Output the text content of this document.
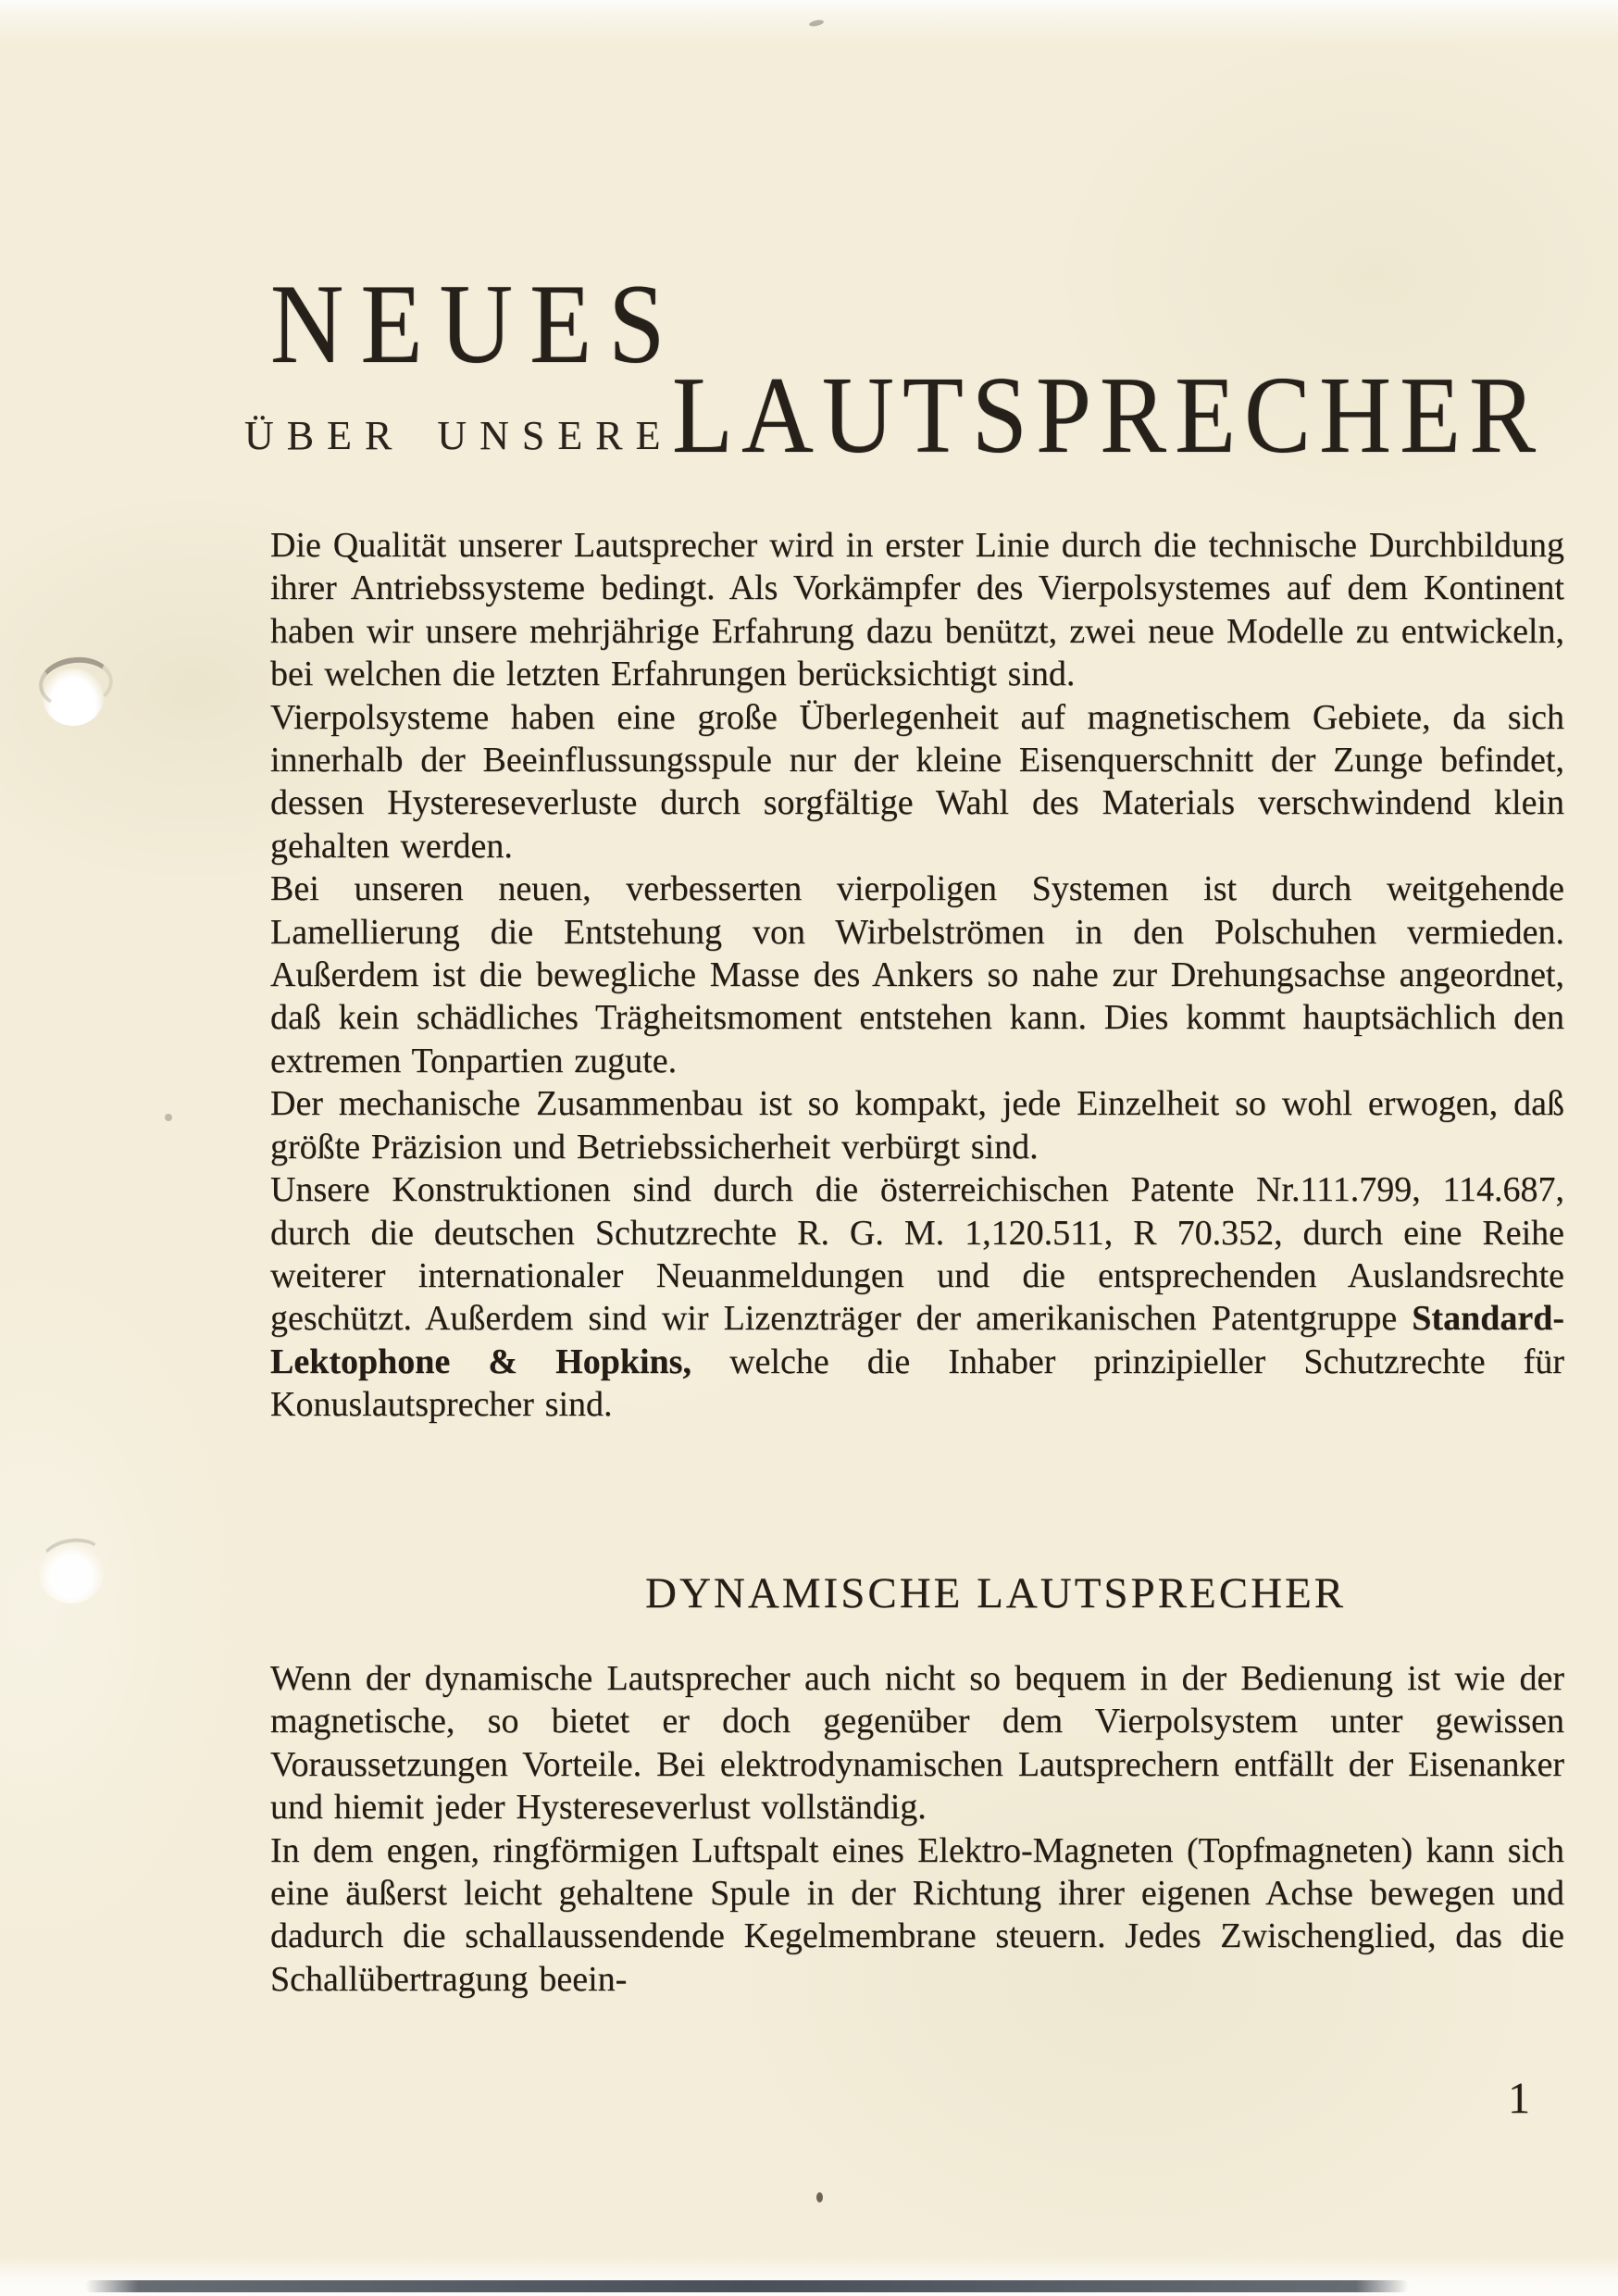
NEUES
ÜBER UNSERE
LAUTSPRECHER

Die Qualität unserer Lautsprecher wird in erster Linie durch die technische Durchbildung ihrer Antriebssysteme bedingt. Als Vorkämpfer des Vierpolsystemes auf dem Kontinent haben wir unsere mehrjährige Erfahrung dazu benützt, zwei neue Modelle zu entwickeln, bei welchen die letzten Erfahrungen berücksichtigt sind.

Vierpolsysteme haben eine große Überlegenheit auf magnetischem Gebiete, da sich innerhalb der Beeinflussungsspule nur der kleine Eisenquerschnitt der Zunge befindet, dessen Hystereseverluste durch sorgfältige Wahl des Materials verschwindend klein gehalten werden.

Bei unseren neuen, verbesserten vierpoligen Systemen ist durch weitgehende Lamellierung die Entstehung von Wirbelströmen in den Polschuhen vermieden. Außerdem ist die bewegliche Masse des Ankers so nahe zur Drehungsachse angeordnet, daß kein schädliches Trägheitsmoment entstehen kann. Dies kommt hauptsächlich den extremen Tonpartien zugute.

Der mechanische Zusammenbau ist so kompakt, jede Einzelheit so wohl erwogen, daß größte Präzision und Betriebssicherheit verbürgt sind.

Unsere Konstruktionen sind durch die österreichischen Patente Nr.111.799, 114.687, durch die deutschen Schutzrechte R. G. M. 1,120.511, R 70.352, durch eine Reihe weiterer internationaler Neuanmeldungen und die entsprechenden Auslandsrechte geschützt. Außerdem sind wir Lizenzträger der amerikanischen Patentgruppe Standard-Lektophone & Hopkins, welche die Inhaber prinzipieller Schutzrechte für Konuslautsprecher sind.

DYNAMISCHE LAUTSPRECHER

Wenn der dynamische Lautsprecher auch nicht so bequem in der Bedienung ist wie der magnetische, so bietet er doch gegenüber dem Vierpolsystem unter gewissen Voraussetzungen Vorteile. Bei elektrodynamischen Lautsprechern entfällt der Eisenanker und hiemit jeder Hystereseverlust vollständig.

In dem engen, ringförmigen Luftspalt eines Elektro-Magneten (Topfmagneten) kann sich eine äußerst leicht gehaltene Spule in der Richtung ihrer eigenen Achse bewegen und dadurch die schallaussendende Kegelmembrane steuern. Jedes Zwischenglied, das die Schallübertragung beein-

1
